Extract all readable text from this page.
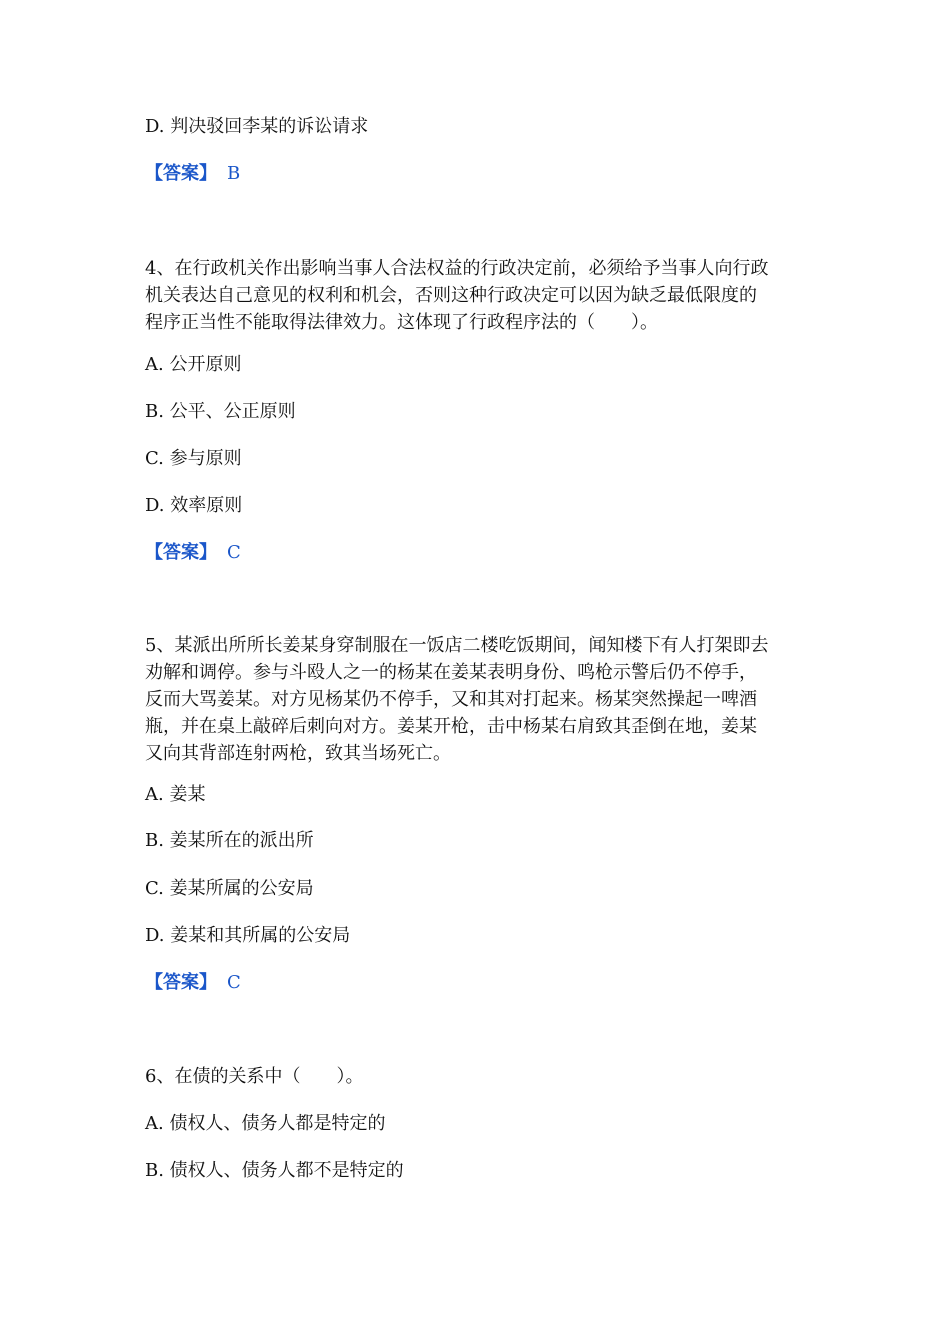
D. 判决驳回李某的诉讼请求
【答案】 B
4、在行政机关作出影响当事人合法权益的行政决定前，必须给予当事人向行政
机关表达自己意见的权利和机会，否则这种行政决定可以因为缺乏最低限度的
程序正当性不能取得法律效力。这体现了行政程序法的（　　）。
A. 公开原则
B. 公平、公正原则
C. 参与原则
D. 效率原则
【答案】 C
5、某派出所所长姜某身穿制服在一饭店二楼吃饭期间，闻知楼下有人打架即去
劝解和调停。参与斗殴人之一的杨某在姜某表明身份、鸣枪示警后仍不停手，
反而大骂姜某。对方见杨某仍不停手，又和其对打起来。杨某突然操起一啤酒
瓶，并在桌上敲碎后刺向对方。姜某开枪，击中杨某右肩致其歪倒在地，姜某
又向其背部连射两枪，致其当场死亡。
A. 姜某
B. 姜某所在的派出所
C. 姜某所属的公安局
D. 姜某和其所属的公安局
【答案】 C
6、在债的关系中（　　）。
A. 债权人、债务人都是特定的
B. 债权人、债务人都不是特定的
